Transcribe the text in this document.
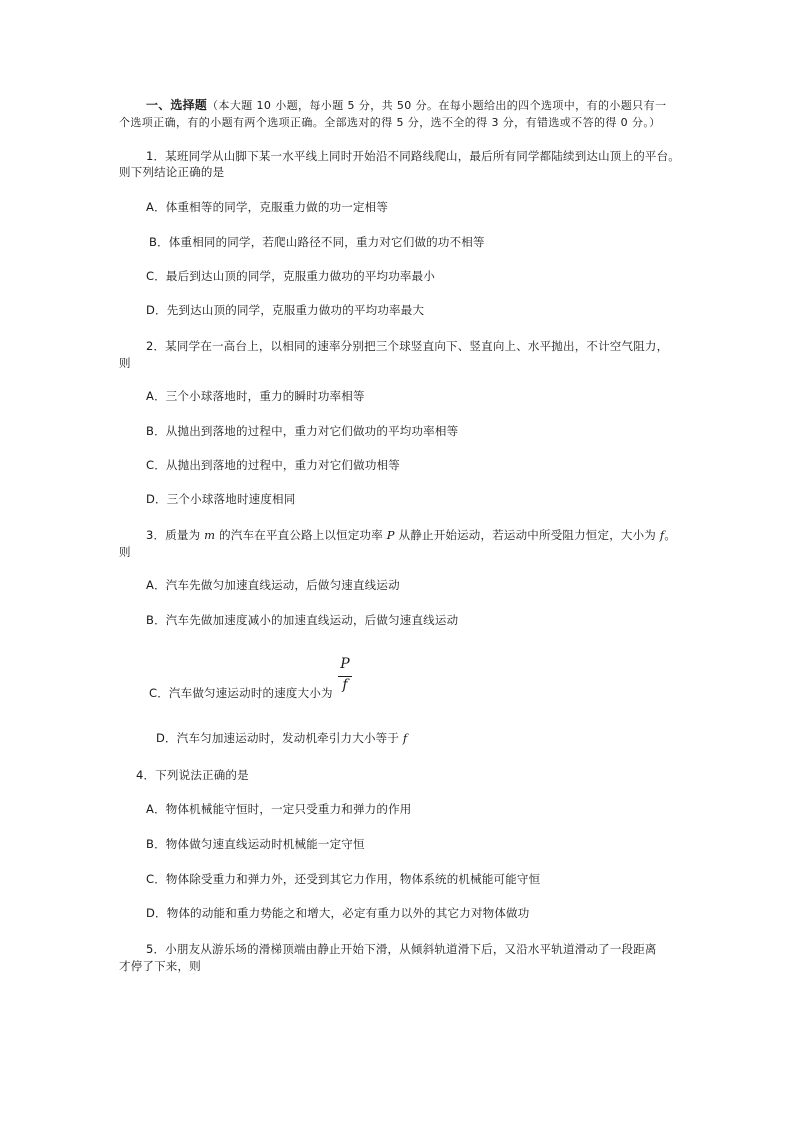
一、选择题（本大题 10 小题，每小题 5 分，共 50 分。在每小题给出的四个选项中，有的小题只有一
个选项正确，有的小题有两个选项正确。全部选对的得 5 分，选不全的得 3 分，有错选或不答的得 0 分。）
1．某班同学从山脚下某一水平线上同时开始沿不同路线爬山，最后所有同学都陆续到达山顶上的平台。
则下列结论正确的是
A．体重相等的同学，克服重力做的功一定相等
B．体重相同的同学，若爬山路径不同，重力对它们做的功不相等
C．最后到达山顶的同学，克服重力做功的平均功率最小
D．先到达山顶的同学，克服重力做功的平均功率最大
2．某同学在一高台上，以相同的速率分别把三个球竖直向下、竖直向上、水平抛出，不计空气阻力，
则
A．三个小球落地时，重力的瞬时功率相等
B．从抛出到落地的过程中，重力对它们做功的平均功率相等
C．从抛出到落地的过程中，重力对它们做功相等
D．三个小球落地时速度相同
3．质量为 m 的汽车在平直公路上以恒定功率 P 从静止开始运动，若运动中所受阻力恒定，大小为 f。
则
A．汽车先做匀加速直线运动，后做匀速直线运动
B．汽车先做加速度减小的加速直线运动，后做匀速直线运动
C．汽车做匀速运动时的速度大小为
P
f
D．汽车匀加速运动时，发动机牵引力大小等于 f
4．下列说法正确的是
A．物体机械能守恒时，一定只受重力和弹力的作用
B．物体做匀速直线运动时机械能一定守恒
C．物体除受重力和弹力外，还受到其它力作用，物体系统的机械能可能守恒
D．物体的动能和重力势能之和增大，必定有重力以外的其它力对物体做功
5．小朋友从游乐场的滑梯顶端由静止开始下滑，从倾斜轨道滑下后，又沿水平轨道滑动了一段距离
才停了下来，则
